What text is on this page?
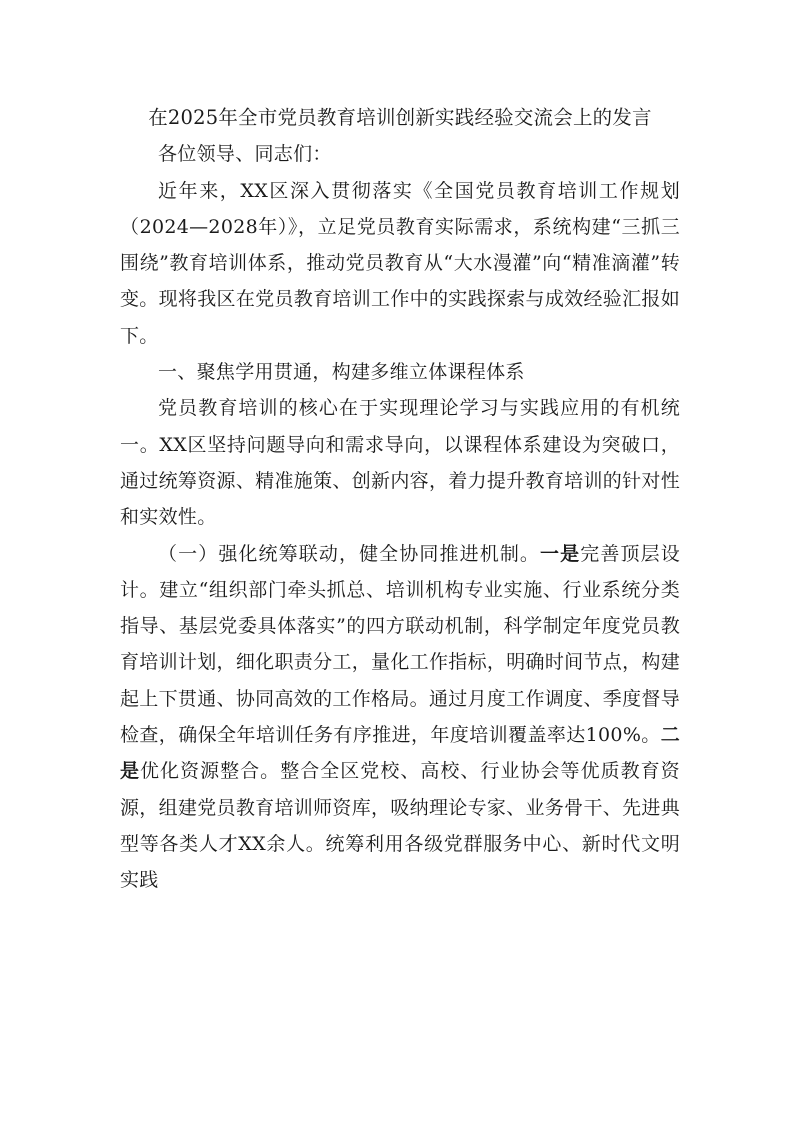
在2025年全市党员教育培训创新实践经验交流会上的发言

各位领导、同志们：

近年来，XX区深入贯彻落实《全国党员教育培训工作规划（2024—2028年）》，立足党员教育实际需求，系统构建“三抓三围绕”教育培训体系，推动党员教育从“大水漫灌”向“精准滴灌”转变。现将我区在党员教育培训工作中的实践探索与成效经验汇报如下。

一、聚焦学用贯通，构建多维立体课程体系

党员教育培训的核心在于实现理论学习与实践应用的有机统一。XX区坚持问题导向和需求导向，以课程体系建设为突破口，通过统筹资源、精准施策、创新内容，着力提升教育培训的针对性和实效性。

（一）强化统筹联动，健全协同推进机制。一是完善顶层设计。建立“组织部门牵头抓总、培训机构专业实施、行业系统分类指导、基层党委具体落实”的四方联动机制，科学制定年度党员教育培训计划，细化职责分工，量化工作指标，明确时间节点，构建起上下贯通、协同高效的工作格局。通过月度工作调度、季度督导检查，确保全年培训任务有序推进，年度培训覆盖率达100%。二是优化资源整合。整合全区党校、高校、行业协会等优质教育资源，组建党员教育培训师资库，吸纳理论专家、业务骨干、先进典型等各类人才XX余人。统筹利用各级党群服务中心、新时代文明实践
